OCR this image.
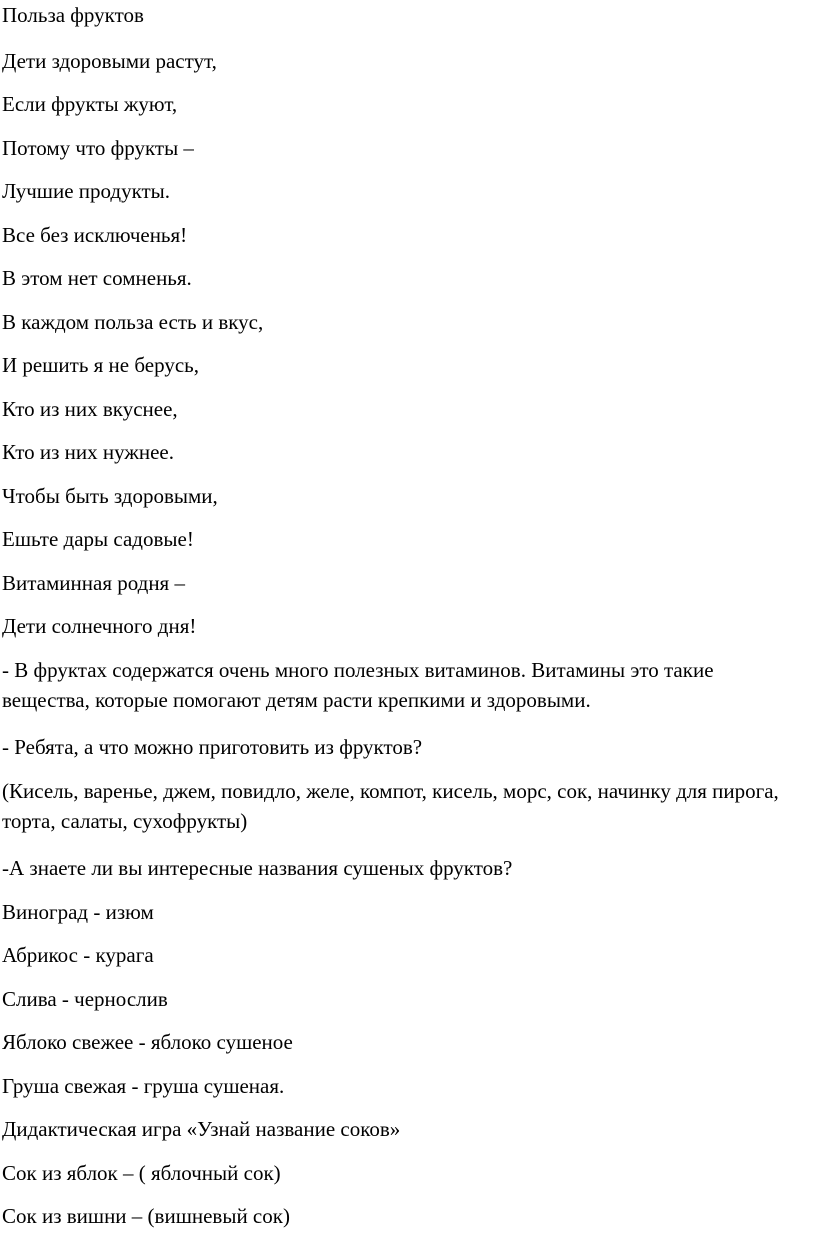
Польза фруктов
Дети здоровыми растут,
Если фрукты жуют,
Потому что фрукты –
Лучшие продукты.
Все без исключенья!
В этом нет сомненья.
В каждом польза есть и вкус,
И решить я не берусь,
Кто из них вкуснее,
Кто из них нужнее.
Чтобы быть здоровыми,
Ешьте дары садовые!
Витаминная родня –
Дети солнечного дня!
- В фруктах содержатся очень много полезных витаминов. Витамины это такие вещества, которые помогают детям расти крепкими и здоровыми.
- Ребята, а что можно приготовить из фруктов?
(Кисель, варенье, джем, повидло, желе, компот, кисель, морс, сок, начинку для пирога, торта, салаты, сухофрукты)
-А знаете ли вы интересные названия сушеных фруктов?
Виноград - изюм
Абрикос - курага
Слива - чернослив
Яблоко свежее - яблоко сушеное
Груша свежая - груша сушеная.
Дидактическая игра «Узнай название соков»
Сок из яблок – ( яблочный сок)
Сок из вишни – (вишневый сок)
